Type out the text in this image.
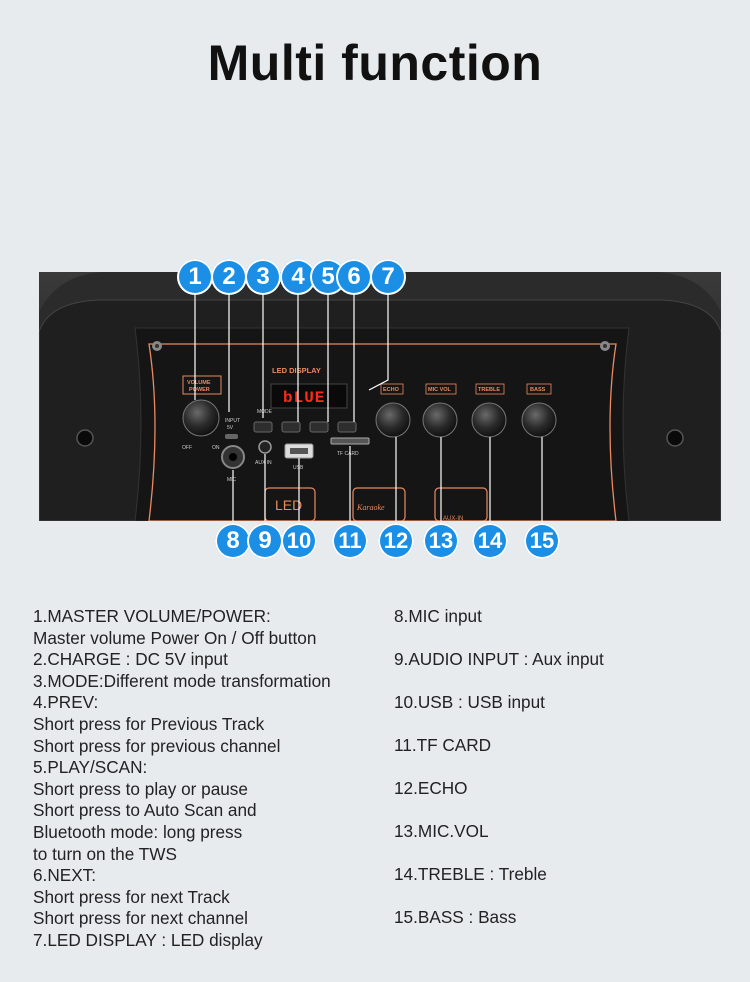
Multi function
LED DISPLAY
bLUE
VOLUME
POWER
OFF	ON
INPUT
5V
MIC
MODE
AUX IN
USB
TF CARD
LED	Karaoke
AUX-IN
ECHO	MIC VOL	TREBLE	BASS
1 2 3 4 5 6 7
8 9 10 11 12 13 14 15
1.MASTER VOLUME/POWER:
Master volume Power On / Off button
2.CHARGE : DC 5V input
3.MODE:Different mode transformation
4.PREV:
Short press for Previous Track
Short press for previous channel
5.PLAY/SCAN:
Short press to play or pause
Short press to Auto Scan and
Bluetooth mode: long press
to turn on the TWS
6.NEXT:
Short press for next Track
Short press for next channel
7.LED DISPLAY : LED display
8.MIC input
9.AUDIO INPUT : Aux input
10.USB : USB input
11.TF CARD
12.ECHO
13.MIC.VOL
14.TREBLE : Treble
15.BASS : Bass
